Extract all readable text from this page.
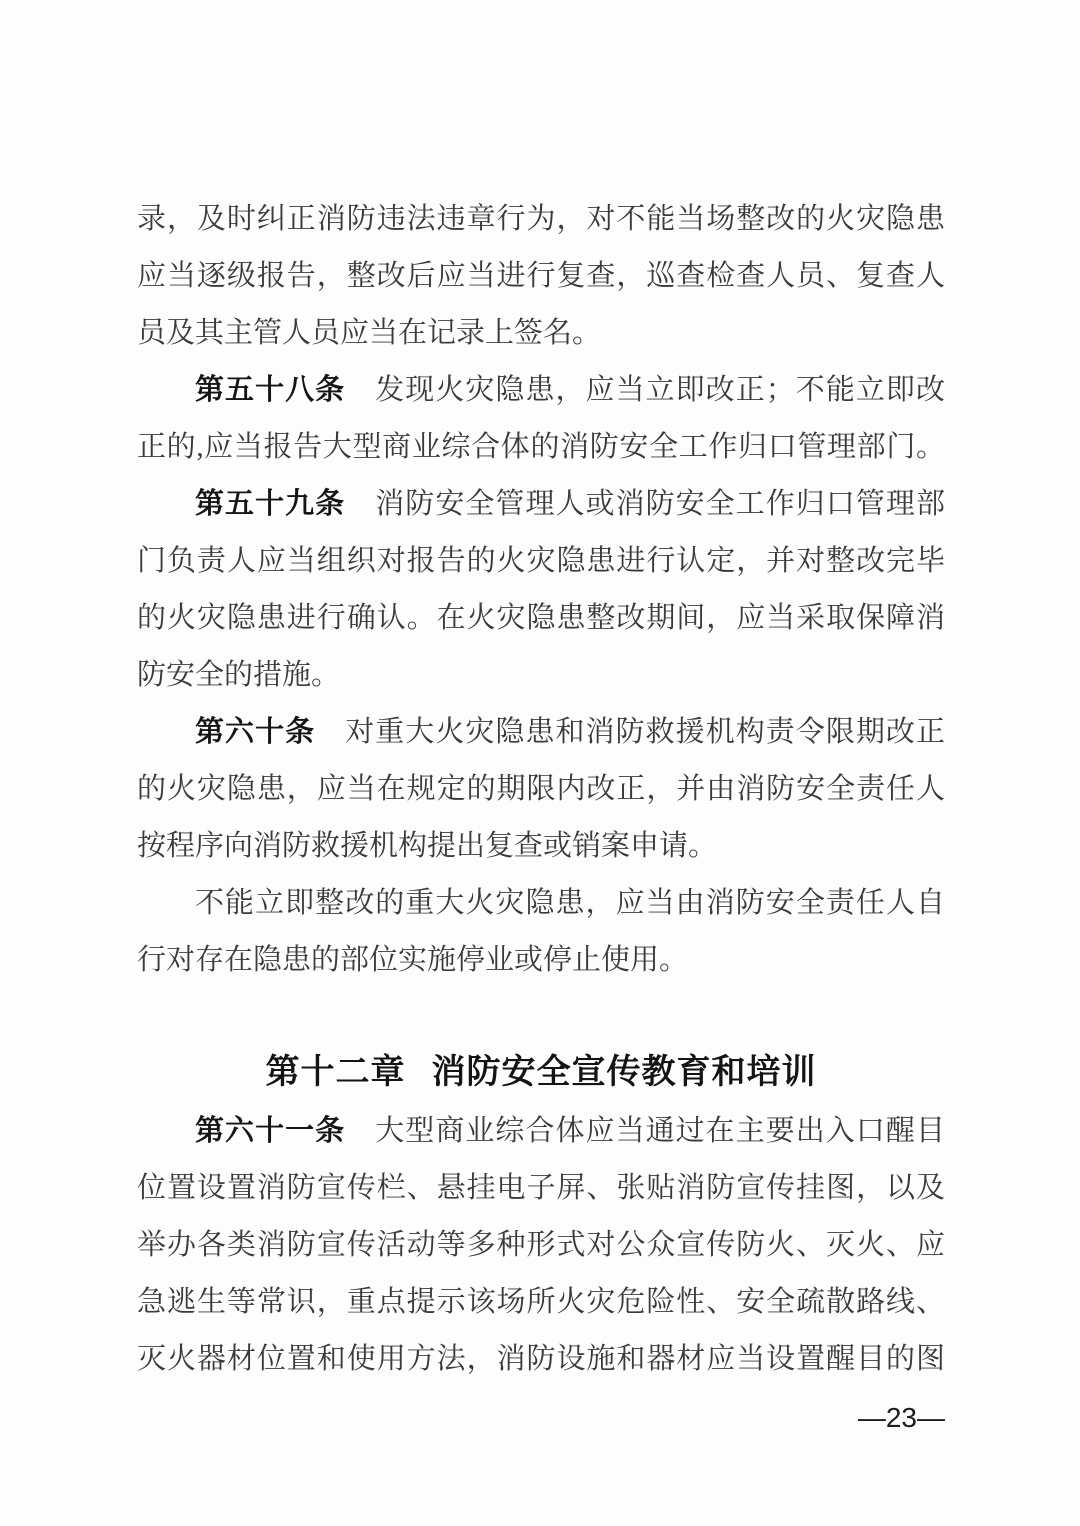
录，及时纠正消防违法违章行为，对不能当场整改的火灾隐患
应当逐级报告，整改后应当进行复查，巡查检查人员、复查人
员及其主管人员应当在记录上签名。
第五十八条　 发现火灾隐患，应当立即改正；不能立即改
正的,应当报告大型商业综合体的消防安全工作归口管理部门。
第五十九条　 消防安全管理人或消防安全工作归口管理部
门负责人应当组织对报告的火灾隐患进行认定，并对整改完毕
的火灾隐患进行确认。在火灾隐患整改期间，应当采取保障消
防安全的措施。
第六十条　 对重大火灾隐患和消防救援机构责令限期改正
的火灾隐患，应当在规定的期限内改正，并由消防安全责任人
按程序向消防救援机构提出复查或销案申请。
不能立即整改的重大火灾隐患，应当由消防安全责任人自
行对存在隐患的部位实施停业或停止使用。
第十二章 消防安全宣传教育和培训
第六十一条　 大型商业综合体应当通过在主要出入口醒目
位置设置消防宣传栏、悬挂电子屏、张贴消防宣传挂图，以及
举办各类消防宣传活动等多种形式对公众宣传防火、灭火、应
急逃生等常识，重点提示该场所火灾危险性、安全疏散路线、
灭火器材位置和使用方法，消防设施和器材应当设置醒目的图
—23—
